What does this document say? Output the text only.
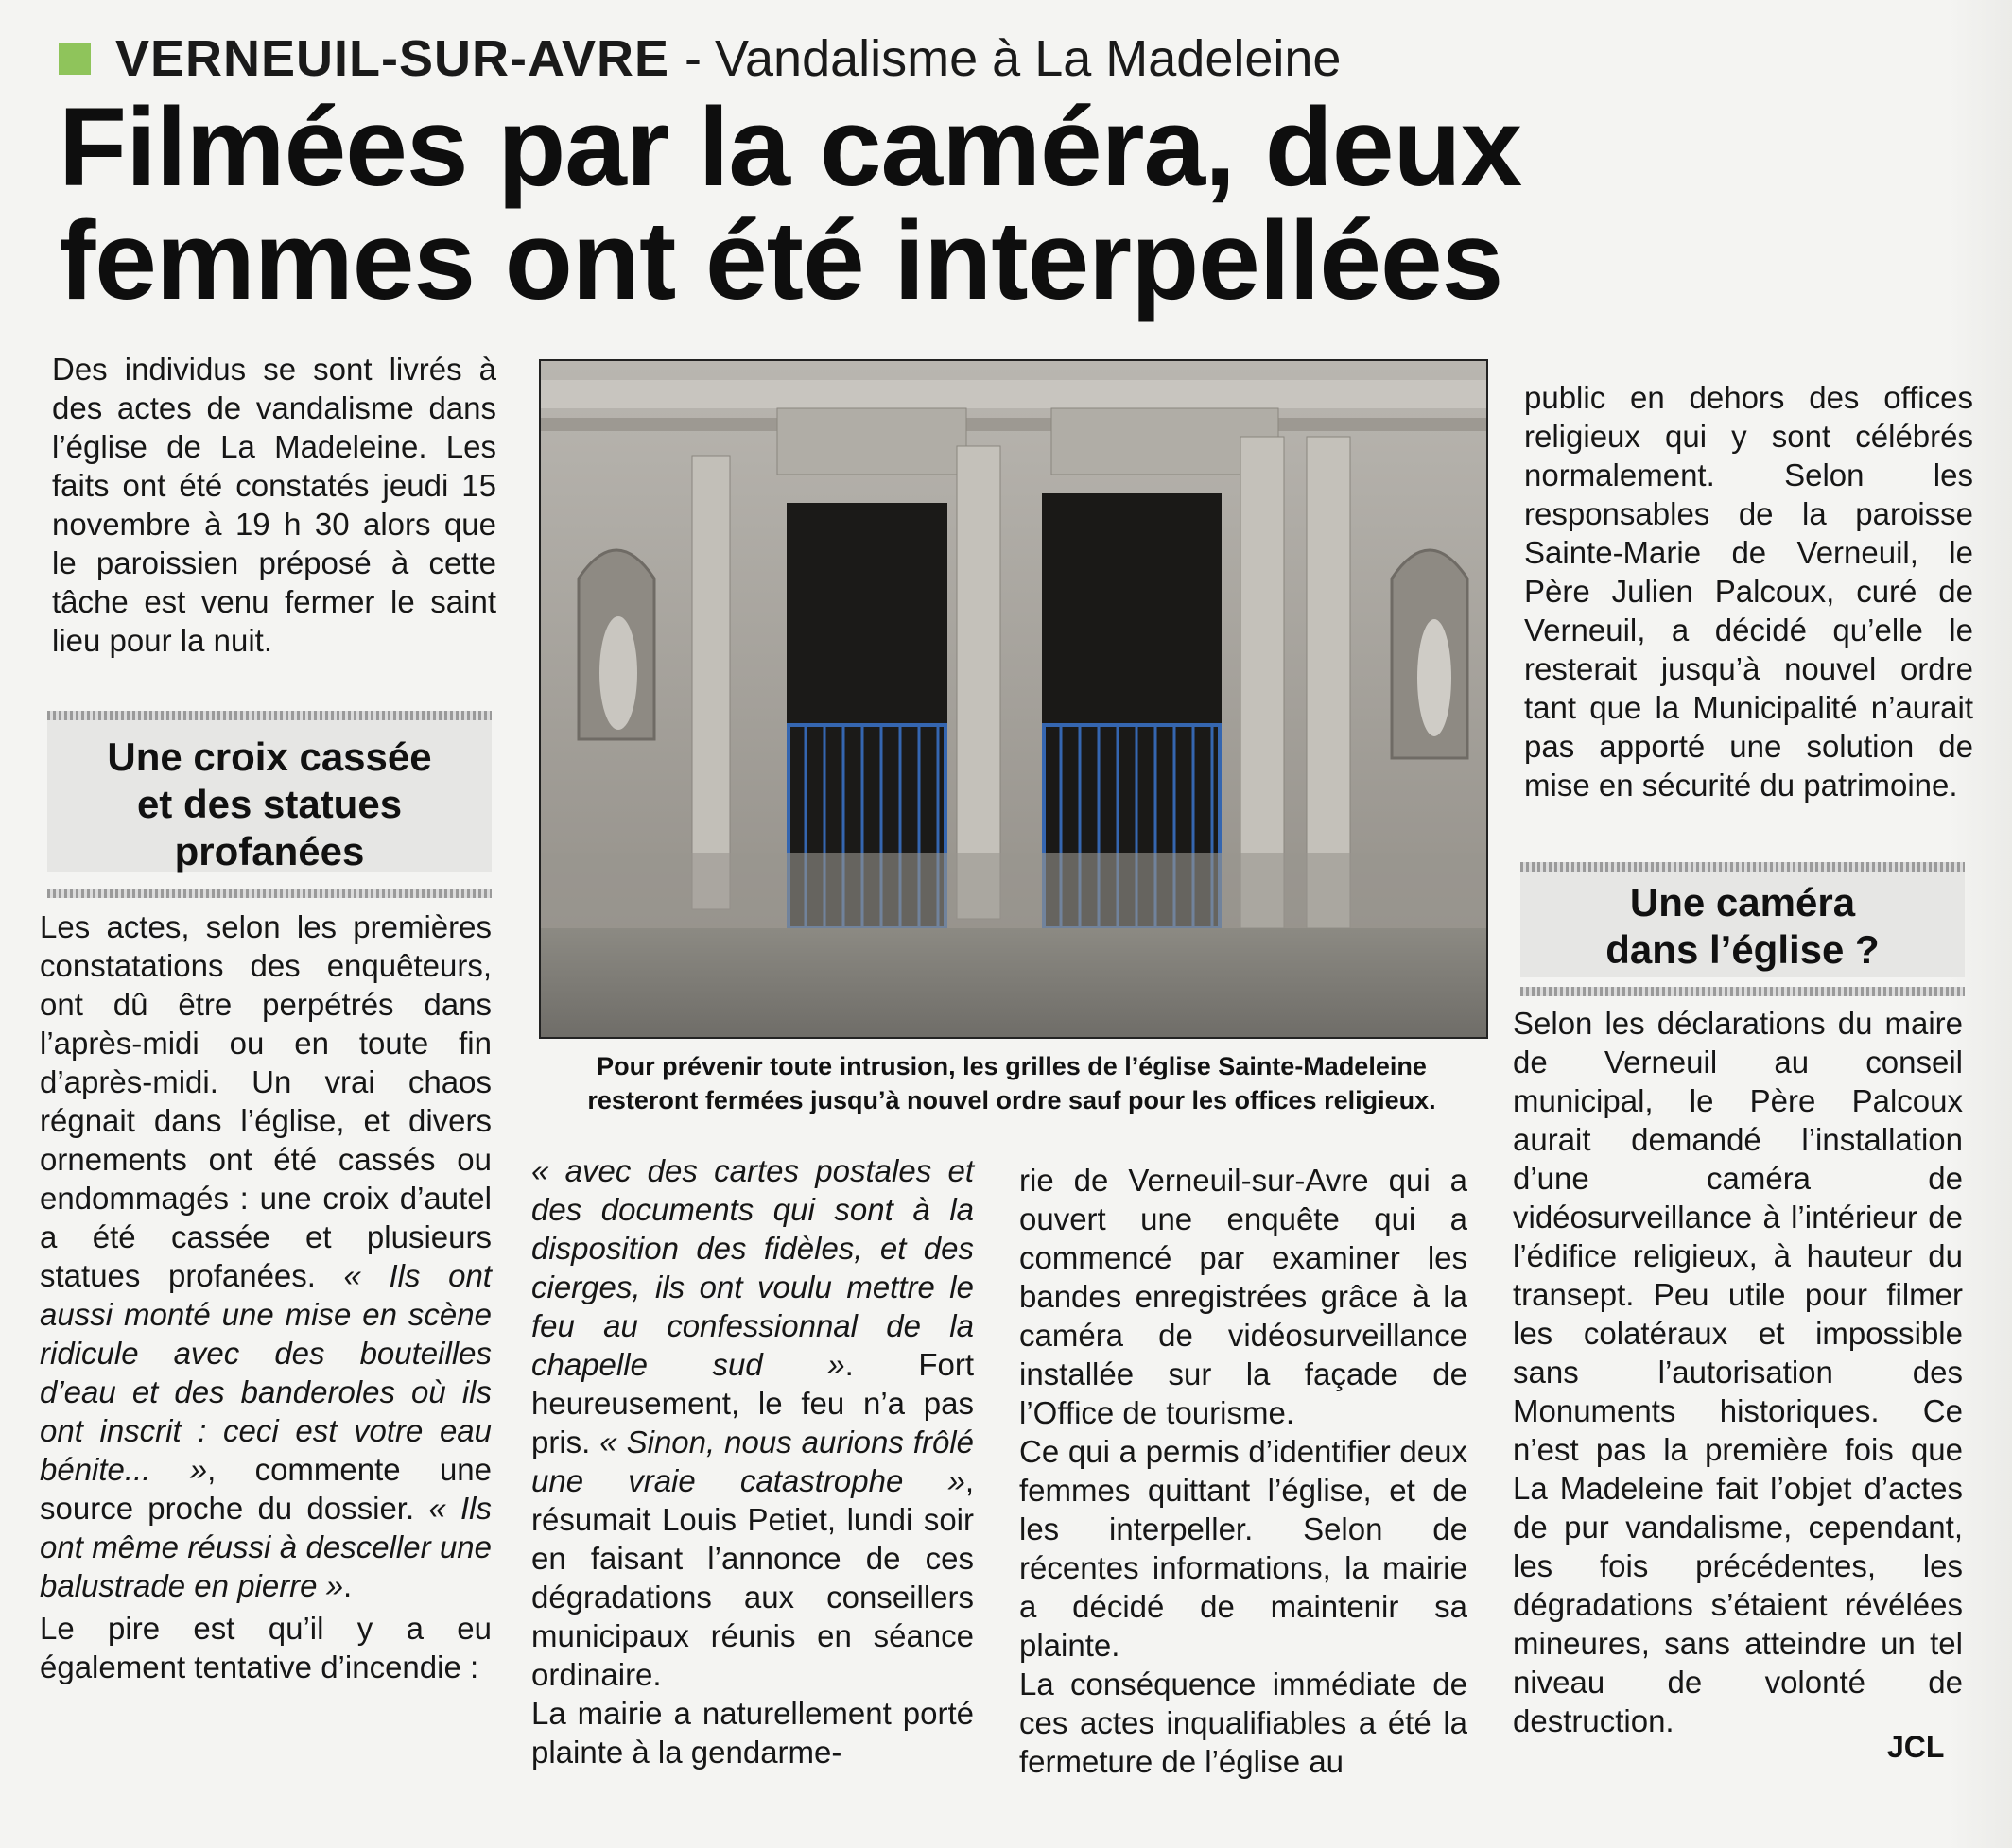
VERNEUIL-SUR-AVRE - Vandalisme à La Madeleine
Filmées par la caméra, deux
femmes ont été interpellées

Des individus se sont livrés à des actes de vandalisme dans l’église de La Madeleine. Les faits ont été constatés jeudi 15 novembre à 19 h 30 alors que le paroissien préposé à cette tâche est venu fermer le saint lieu pour la nuit.

Une croix cassée
et des statues
profanées

Les actes, selon les premières constatations des enquêteurs, ont dû être perpétrés dans l’après-midi ou en toute fin d’après-midi. Un vrai chaos régnait dans l’église, et divers ornements ont été cassés ou endommagés : une croix d’autel a été cassée et plusieurs statues profanées. « Ils ont aussi monté une mise en scène ridicule avec des bouteilles d’eau et des banderoles où ils ont inscrit : ceci est votre eau bénite... », commente une source proche du dossier. « Ils ont même réussi à desceller une balustrade en pierre ».

Le pire est qu’il y a eu également tentative d’incendie :

Pour prévenir toute intrusion, les grilles de l’église Sainte-Madeleine
resteront fermées jusqu’à nouvel ordre sauf pour les offices religieux.

« avec des cartes postales et des documents qui sont à la disposition des fidèles, et des cierges, ils ont voulu mettre le feu au confessionnal de la chapelle sud ». Fort heureusement, le feu n’a pas pris. « Sinon, nous aurions frôlé une vraie catastrophe », résumait Louis Petiet, lundi soir en faisant l’annonce de ces dégradations aux conseillers municipaux réunis en séance ordinaire.

La mairie a naturellement porté plainte à la gendarme-

rie de Verneuil-sur-Avre qui a ouvert une enquête qui a commencé par examiner les bandes enregistrées grâce à la caméra de vidéosurveillance installée sur la façade de l’Office de tourisme.

Ce qui a permis d’identifier deux femmes quittant l’église, et de les interpeller. Selon de récentes informations, la mairie a décidé de maintenir sa plainte.

La conséquence immédiate de ces actes inqualifiables a été la fermeture de l’église au

public en dehors des offices religieux qui y sont célébrés normalement. Selon les responsables de la paroisse Sainte-Marie de Verneuil, le Père Julien Palcoux, curé de Verneuil, a décidé qu’elle le resterait jusqu’à nouvel ordre tant que la Municipalité n’aurait pas apporté une solution de mise en sécurité du patrimoine.

Une caméra
dans l’église ?

Selon les déclarations du maire de Verneuil au conseil municipal, le Père Palcoux aurait demandé l’installation d’une caméra de vidéosurveillance à l’intérieur de l’édifice religieux, à hauteur du transept. Peu utile pour filmer les colatéraux et impossible sans l’autorisation des Monuments historiques. Ce n’est pas la première fois que La Madeleine fait l’objet d’actes de pur vandalisme, cependant, les fois précédentes, les dégradations s’étaient révélées mineures, sans atteindre un tel niveau de volonté de destruction.

JCL
